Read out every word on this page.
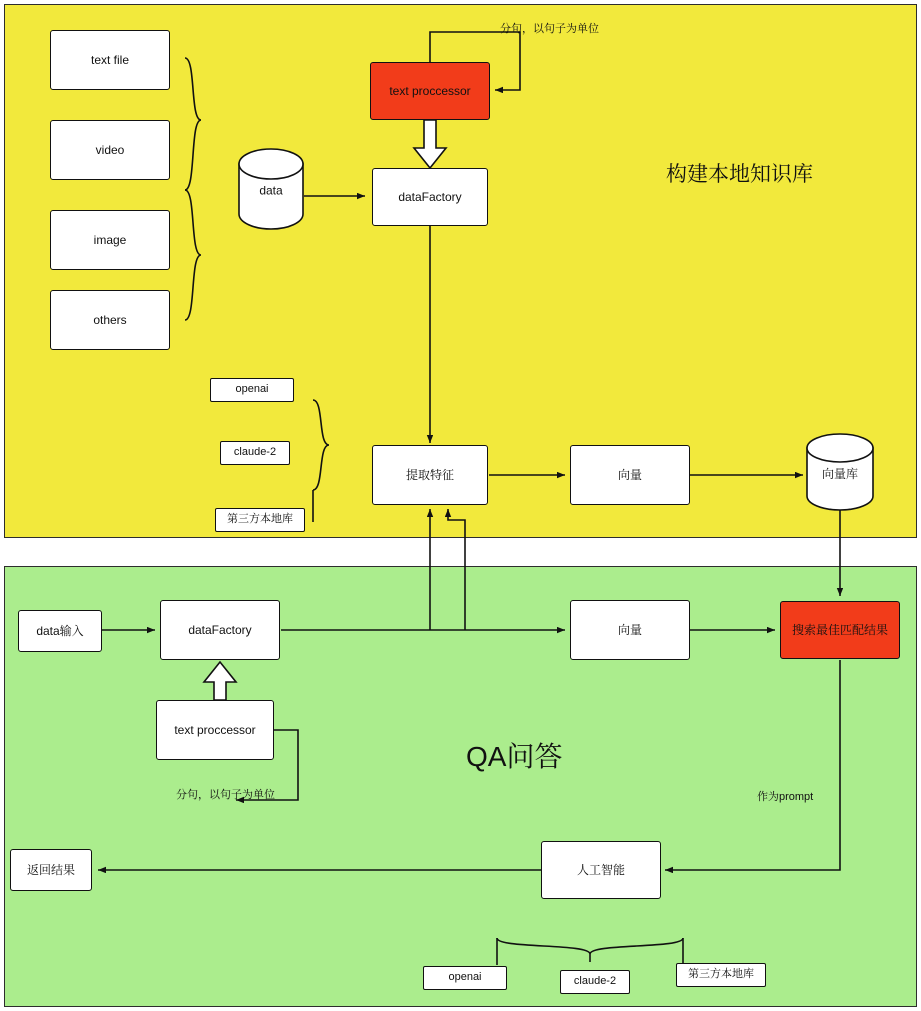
构建本地知识库
text file
video
image
others
data
text proccessor
dataFactory
分句，以句子为单位
openai
claude-2
第三方本地库
提取特征	向量	向量库
QA问答
data输入	dataFactory
text proccessor
分句，以句子为单位
向量	搜索最佳匹配结果
作为prompt
人工智能
返回结果
openai	claude-2
第三方本地库
